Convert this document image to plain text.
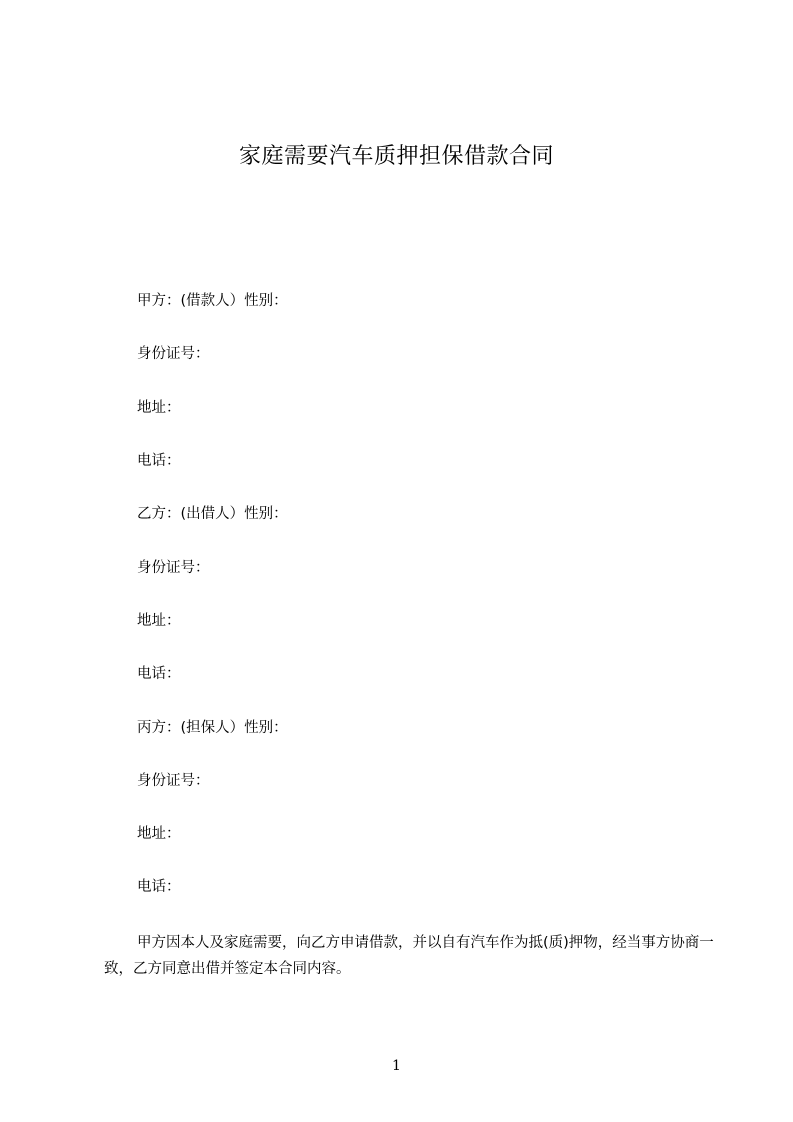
家庭需要汽车质押担保借款合同
甲方：(借款人）性别：
身份证号：
地址：
电话：
乙方：(出借人）性别：
身份证号：
地址：
电话：
丙方：(担保人）性别：
身份证号：
地址：
电话：
甲方因本人及家庭需要，向乙方申请借款，并以自有汽车作为抵(质)押物，经当事方协商一致，乙方同意出借并签定本合同内容。
1
